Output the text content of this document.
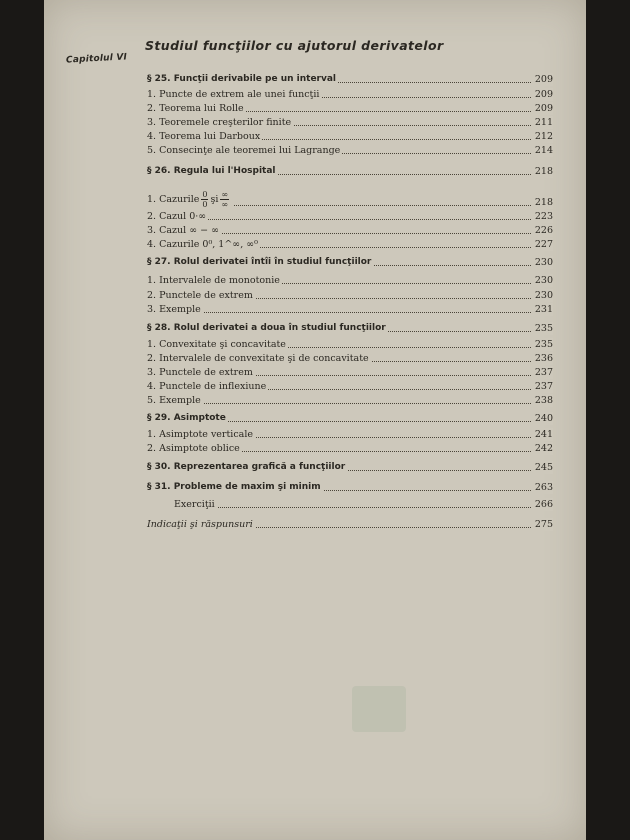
Capitolul VI
Studiul funcţiilor cu ajutorul derivatelor
§ 25. Funcţii derivabile pe un interval	209
1. Puncte de extrem ale unei funcţii	209
2. Teorema lui Rolle	209
3. Teoremele creşterilor finite	211
4. Teorema lui Darboux	212
5. Consecinţe ale teoremei lui Lagrange	214
§ 26. Regula lui l'Hospital	218
1. Cazurile $\frac{0}{0}$ şi $\frac{\infty}{\infty}$	218
2. Cazul 0·∞	223
3. Cazul ∞ − ∞	226
4. Cazurile 0⁰, 1^∞, ∞⁰	227
§ 27. Rolul derivatei întîi în studiul funcţiilor	230
1. Intervalele de monotonie	230
2. Punctele de extrem	230
3. Exemple	231
§ 28. Rolul derivatei a doua în studiul funcţiilor	235
1. Convexitate şi concavitate	235
2. Intervalele de convexitate şi de concavitate	236
3. Punctele de extrem	237
4. Punctele de inflexiune	237
5. Exemple	238
§ 29. Asimptote	240
1. Asimptote verticale	241
2. Asimptote oblice	242
§ 30. Reprezentarea grafică a funcţiilor	245
§ 31. Probleme de maxim şi minim	263
Exerciţii	266
Indicaţii şi răspunsuri	275
